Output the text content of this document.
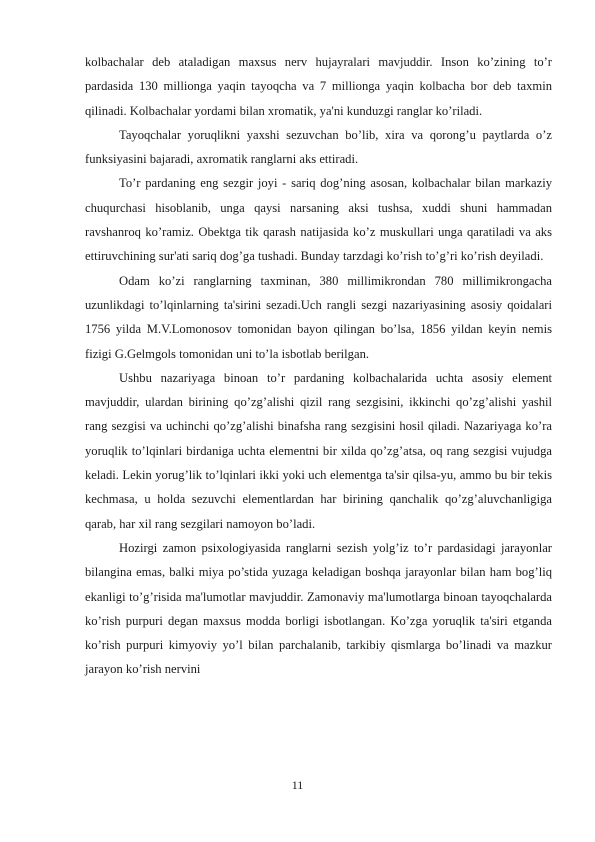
kolbachalar deb ataladigan maxsus nerv hujayralari mavjuddir. Inson ko’zining to’r pardasida 130 millionga yaqin tayoqcha va 7 millionga yaqin kolbacha bor deb taxmin qilinadi. Kolbachalar yordami bilan xromatik, ya'ni kunduzgi ranglar ko’riladi.

Tayoqchalar yoruqlikni yaxshi sezuvchan bo’lib, xira va qorong’u paytlarda o’z funksiyasini bajaradi, axromatik ranglarni aks ettiradi.

To’r pardaning eng sezgir joyi - sariq dog’ning asosan, kolbachalar bilan markaziy chuqurchasi hisoblanib, unga qaysi narsaning aksi tushsa, xuddi shuni hammadan ravshanroq ko’ramiz. Obektga tik qarash natijasida ko’z muskullari unga qaratiladi va aks ettiruvchining sur'ati sariq dog’ga tushadi. Bunday tarzdagi ko’rish to’g’ri ko’rish deyiladi.

Odam ko’zi ranglarning taxminan, 380 millimikrondan 780 millimikrongacha uzunlikdagi to’lqinlarning ta'sirini sezadi.Uch rangli sezgi nazariyasining asosiy qoidalari 1756 yilda M.V.Lomonosov tomonidan bayon qilingan bo’lsa, 1856 yildan keyin nemis fizigi G.Gelmgols tomonidan uni to’la isbotlab berilgan.

Ushbu nazariyaga binoan to’r pardaning kolbachalarida uchta asosiy element mavjuddir, ulardan birining qo’zg’alishi qizil rang sezgisini, ikkinchi qo’zg’alishi yashil rang sezgisi va uchinchi qo’zg’alishi binafsha rang sezgisini hosil qiladi. Nazariyaga ko’ra yoruqlik to’lqinlari birdaniga uchta elementni bir xilda qo’zg’atsa, oq rang sezgisi vujudga keladi. Lekin yorug’lik to’lqinlari ikki yoki uch elementga ta'sir qilsa-yu, ammo bu bir tekis kechmasa, u holda sezuvchi elementlardan har birining qanchalik qo’zg’aluvchanligiga qarab, har xil rang sezgilari namoyon bo’ladi.

Hozirgi zamon psixologiyasida ranglarni sezish yolg’iz to’r pardasidagi jarayonlar bilangina emas, balki miya po’stida yuzaga keladigan boshqa jarayonlar bilan ham bog’liq ekanligi to’g’risida ma'lumotlar mavjuddir. Zamonaviy ma'lumotlarga binoan tayoqchalarda ko’rish purpuri degan maxsus modda borligi isbotlangan. Ko’zga yoruqlik ta'siri etganda ko’rish purpuri kimyoviy yo’l bilan parchalanib, tarkibiy qismlarga bo’linadi va mazkur jarayon ko’rish nervini

11
